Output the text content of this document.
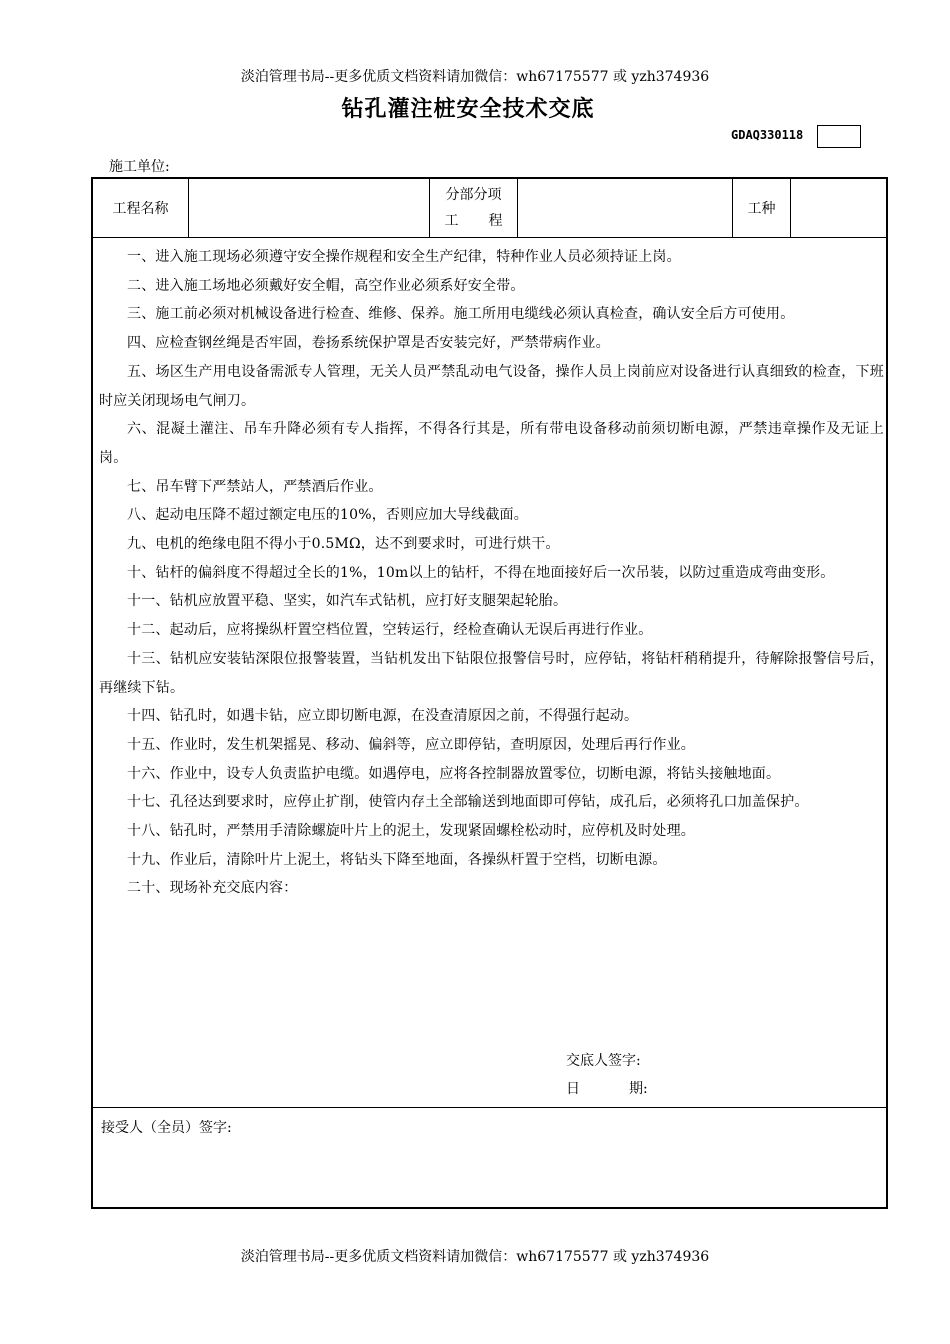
淡泊管理书局--更多优质文档资料请加微信：wh67175577 或 yzh374936
钻孔灌注桩安全技术交底
GDAQ330118
施工单位:
工程名称
分部分项
工程
工种
一、进入施工现场必须遵守安全操作规程和安全生产纪律，特种作业人员必须持证上岗。
二、进入施工场地必须戴好安全帽，高空作业必须系好安全带。
三、施工前必须对机械设备进行检查、维修、保养。施工所用电缆线必须认真检查，确认安全后方可使用。
四、应检查钢丝绳是否牢固，卷扬系统保护罩是否安装完好，严禁带病作业。
五、场区生产用电设备需派专人管理，无关人员严禁乱动电气设备，操作人员上岗前应对设备进行认真细致的检查，下班时应关闭现场电气闸刀。
六、混凝土灌注、吊车升降必须有专人指挥，不得各行其是，所有带电设备移动前须切断电源，严禁违章操作及无证上岗。
七、吊车臂下严禁站人，严禁酒后作业。
八、起动电压降不超过额定电压的10%，否则应加大导线截面。
九、电机的绝缘电阻不得小于0.5MΩ，达不到要求时，可进行烘干。
十、钻杆的偏斜度不得超过全长的1%，10m以上的钻杆，不得在地面接好后一次吊装，以防过重造成弯曲变形。
十一、钻机应放置平稳、坚实，如汽车式钻机，应打好支腿架起轮胎。
十二、起动后，应将操纵杆置空档位置，空转运行，经检查确认无误后再进行作业。
十三、钻机应安装钻深限位报警装置，当钻机发出下钻限位报警信号时，应停钻，将钻杆稍稍提升，待解除报警信号后，再继续下钻。
十四、钻孔时，如遇卡钻，应立即切断电源，在没查清原因之前，不得强行起动。
十五、作业时，发生机架摇晃、移动、偏斜等，应立即停钻，查明原因，处理后再行作业。
十六、作业中，设专人负责监护电缆。如遇停电，应将各控制器放置零位，切断电源，将钻头接触地面。
十七、孔径达到要求时，应停止扩削，使管内存土全部输送到地面即可停钻，成孔后，必须将孔口加盖保护。
十八、钻孔时，严禁用手清除螺旋叶片上的泥土，发现紧固螺栓松动时，应停机及时处理。
十九、作业后，清除叶片上泥土，将钻头下降至地面，各操纵杆置于空档，切断电源。
二十、现场补充交底内容：
交底人签字:
日	期:
接受人（全员）签字:
淡泊管理书局--更多优质文档资料请加微信：wh67175577 或 yzh374936
